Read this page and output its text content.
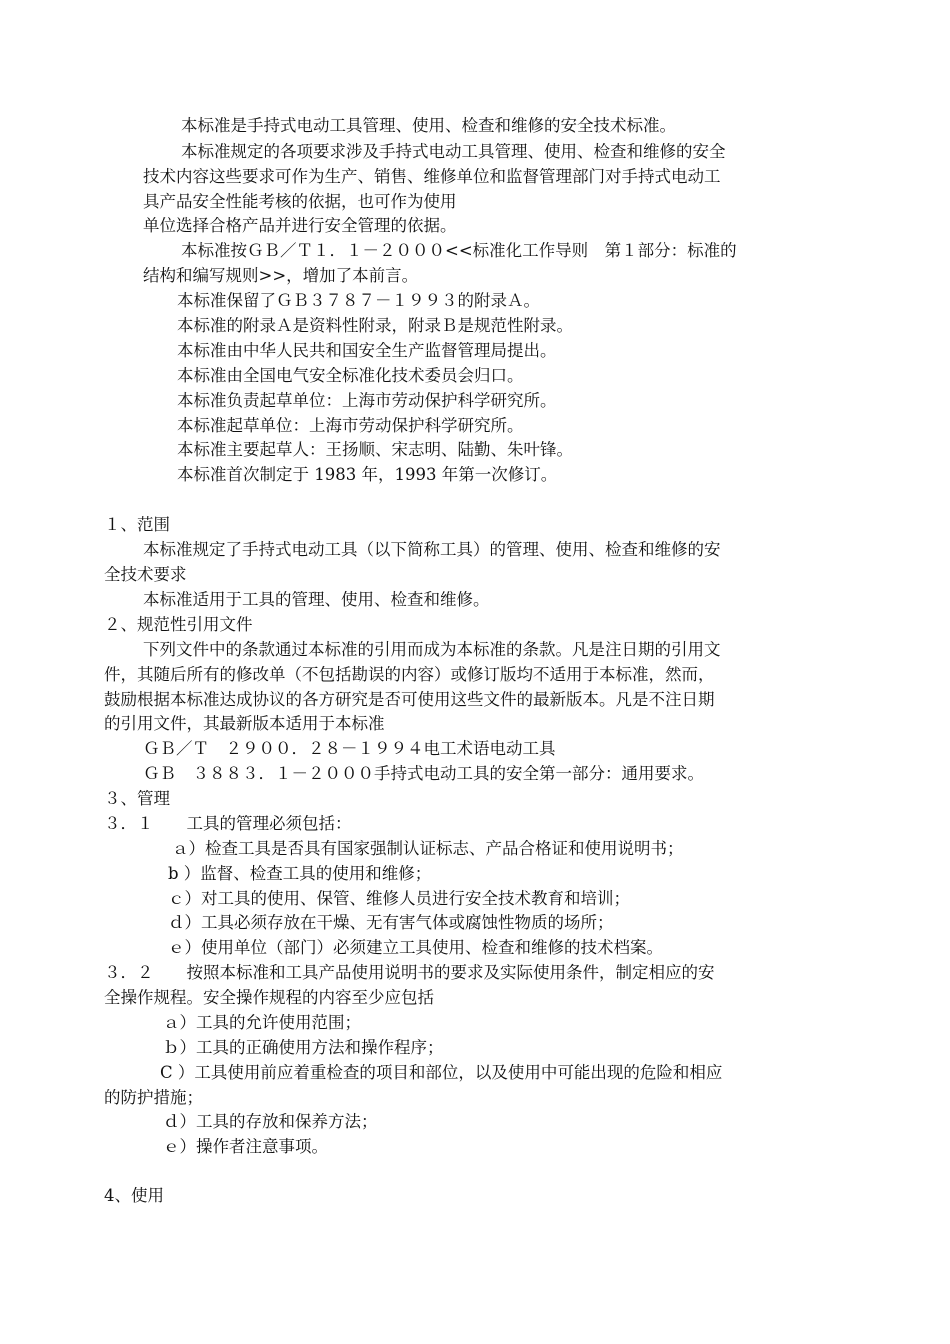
本标准是手持式电动工具管理、使用、检查和维修的安全技术标准。
本标准规定的各项要求涉及手持式电动工具管理、使用、检查和维修的安全
技术内容这些要求可作为生产、销售、维修单位和监督管理部门对手持式电动工
具产品安全性能考核的依据，也可作为使用
单位选择合格产品并进行安全管理的依据。
本标准按ＧＢ／Ｔ１．１－２０００<<标准化工作导则　第１部分：标准的
结构和编写规则>>，增加了本前言。
本标准保留了ＧＢ３７８７－１９９３的附录Ａ。
本标准的附录Ａ是资料性附录，附录Ｂ是规范性附录。
本标准由中华人民共和国安全生产监督管理局提出。
本标准由全国电气安全标准化技术委员会归口。
本标准负责起草单位：上海市劳动保护科学研究所。
本标准起草单位：上海市劳动保护科学研究所。
本标准主要起草人：王扬顺、宋志明、陆勤、朱叶锋。
本标准首次制定于 1983 年，1993 年第一次修订。
１、范围
本标准规定了手持式电动工具（以下简称工具）的管理、使用、检查和维修的安
全技术要求
本标准适用于工具的管理、使用、检查和维修。
２、规范性引用文件
下列文件中的条款通过本标准的引用而成为本标准的条款。凡是注日期的引用文
件，其随后所有的修改单（不包括勘误的内容）或修订版均不适用于本标准，然而，
鼓励根据本标准达成协议的各方研究是否可使用这些文件的最新版本。凡是不注日期
的引用文件，其最新版本适用于本标准
ＧＢ／Ｔ　２９００．２８－１９９４电工术语电动工具
ＧＢ　３８８３．１－２０００手持式电动工具的安全第一部分：通用要求。
３、管理
３．１　　工具的管理必须包括：
ａ）检查工具是否具有国家强制认证标志、产品合格证和使用说明书；
b ）监督、检查工具的使用和维修；
ｃ）对工具的使用、保管、维修人员进行安全技术教育和培训；
ｄ）工具必须存放在干燥、无有害气体或腐蚀性物质的场所；
ｅ）使用单位（部门）必须建立工具使用、检查和维修的技术档案。
３．２　　按照本标准和工具产品使用说明书的要求及实际使用条件，制定相应的安
全操作规程。安全操作规程的内容至少应包括
ａ）工具的允许使用范围；
ｂ）工具的正确使用方法和操作程序；
C ）工具使用前应着重检查的项目和部位，以及使用中可能出现的危险和相应
的防护措施；
ｄ）工具的存放和保养方法；
ｅ）操作者注意事项。
4、使用
